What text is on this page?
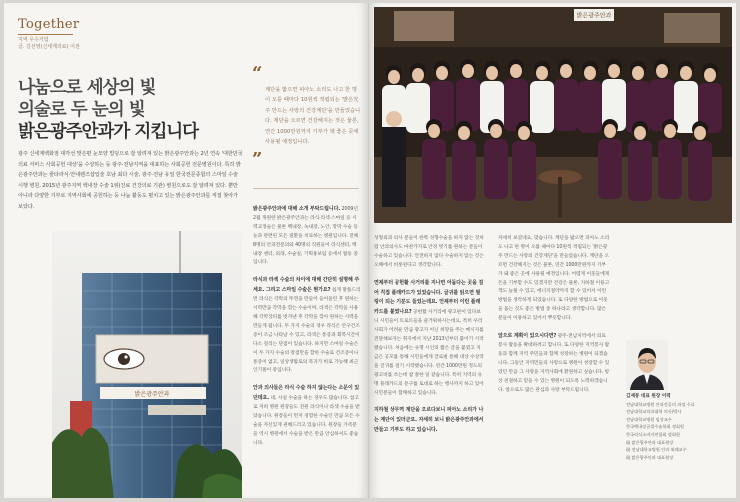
Together
지역 우수기업
글. 김선영(신세계의료) 이전
나눔으로 세상의 빛
의술로 두 눈의 빛
밝은광주안과가 지킵니다
광주 신세계백화점 대각선 맞은편 눈모양 빌딩으로 잘 알려져 있는 밝은광주안과는 2년 연속 '대한민국 의료 서비스 사회공헌 대상'을 수상하는 등 광주·전남지역을 대표하는 사회공헌 전문병원이다. 특히 밝은광주안과는 줄타라식·안내렌즈삽입술 호남 최다 시술, 광주·전남 유일 한국전문종합의 스마일 수술 시행 병원, 2015년 광주지역 백내장 수술 1위(진료 건강의료 기관) 병원으로도 잘 알려져 있다. 뿐만 아니라 다양한 기부로 지역사회에 공헌하는 등 나눔 활동도 펼치고 있는 밝은광주안과를 직접 찾아가 보았다.
“
계단을 밟으면 피아노 소리도 나고 한 명이 오를 때마다 10원씩 적립되는 '밝은光주 만드는 사랑의 건강계단'을 만들었습니다. 계단을 오르면 건강해지는 것은 물론, 연간 1000만원까지 기부가 돼 좋은 곳에 사용될 예정입니다.
”
밝은광주안과

밝은광주안과에 대해 소개 부탁드립니다. 2009년 2월 개원한 밝은광주안과는 라식·라섹·스마일 등 시력교정술은 물론 백내장, 녹내장, 노안, 망막 수술 등 눈과 관련된 모든 질환을 치료하는 병원입니다. 전체 8명의 안과전문의와 40명의 직원들이 라식센터, 백내장 센터, 외래, 수술실, 기획홍보팀 등에서 활동 중입니다.

라식과 라섹 수술의 차이에 대해 간단히 설명해 주세요. 그리고 스마일 수술은 뭔가요? 쉽게 말씀드리면 라식은 각막의 뚜껑을 만들어 들어올린 후 원하는 시력만큼 각막을 깎는 수술이며, 라섹은 각막을 사용해 각막상피를 벗겨낸 후 각막을 깎아 원하는 시력을 만들게 됩니다. 두 가지 수술의 경우 라식은 안구건조증이 조금 나타날 수 있고, 라섹은 통증과 회복시간이 다소 걸리는 단점이 있습니다. 하지만 스마일 수술은 이 두 가지 수술의 장점만을 합한 수술로 건조증이나 통증이 없고, 일상생활로의 복귀가 바로 가능해 최근 인기몰이 중입니다.

안과 의사들은 라식 수술 하지 않는다는 소문이 있던데요. 네, 사실 수술을 하는 경우도 많습니다. 참고로 저희 병원 원장들도 전원 라식이나 라섹 수술을 받았습니다. 원장들이 먼저 경험한 수술인 만큼 모든 수술을 자신있게 권해드리고 있습니다. 원장들 가족분들 역시 병원에서 수술을 받은 만큼 안심하셔도 좋습니다.

밝은광주안과

성형외과 의사 분들이 한쪽 성형수술을 하지 않는 것처럼 안과의사도 마찬가지로 안경 벗기를 원하는 분들이 수술하고 있습니다. 안전하지 않다 수술하지 않는 것은 오해에서 비롯된다고 생각합니다.

연제부터 공헌활 사거리를 지나면 어둡다는 곳을 걸어 직접 플래카드가 있었습니다. 글귀를 읽으면 필링이 되는 기분도 들었는데요. 언제부터 이런 플래카드를 붙였나요? 공헌활 사거리에 광고판이 있다보니 시민들이 트로트들을 즐거워하시는데요, 특히 우리 사회가 어려운 만큼 광고가 아닌 희망을 주는 메시지를 전달해보자는 취지에서 지난 2013년부터 붙이기 시작했습니다. 처음에는 유명 시인의 짧은 글을 붙였고 지금은 공모를 통해 시민들에게 글로벌 통해 대상 수상작을 글귀를 걸기 시작했습니다. 연간 1000만원 정도의 광고비를 쓰는데 참 잘한 일 같습니다. 특히 지역의 유명 플래카드의 문구를 토대로 하는 행사까지 하고 있어 시민분들이 함께하고 있습니다.

지하철 상무역 계단을 오르다보니 피아노 소리가 나는 계단이 있더군요. 자세히 보니 밝은광주안과에서 만들고 기부도 하고 있습니다.

자세히 보셨네요, 맞습니다. 계단을 밟으면 피아노 소리도 나고 한 명이 오를 때마다 10원씩 적립되는 '밝은광주 만드는 사랑의 건강계단'을 만들었습니다. 계단을 오르면 건강해지는 것은 물론, 연간 1000만원까지 기부가 돼 좋은 곳에 사용될 예정입니다. 어렵게 이웃들에게 돈을 기부할 수도 있겠지만 건강은 물론, 지하철 이용고객도 늘릴 수 있고, 에너지절약까지 할 수 있어서 이런 방법을 생각하게 되었습니다. 또 다양한 방법으로 이웃을 돕는 것도 좋은 방법 중 하나라고 생각합니다. 많은 분들이 이용하고 있어서 뿌듯합니다.

앞으로 계획이 있으시다면? 광주·전남지역에서 의료봉사 활동을 확대하려고 합니다. 또 다양한 지역봉사 활동과 함께 지역 주민들과 함께 성장하는 병원이 되겠습니다. 그동안 지역민들의 사랑으로 병원이 성장할 수 있었던 만큼 그 사랑을 지역사회에 환원하고 싶습니다. 항상 친절하고 믿을 수 있는 병원이 되도록 노력하겠습니다. 앞으로도 많은 관심과 사랑 부탁드립니다.

김재봉 대표 원장 이력
전남대학교병원 안과전공의 과정 수료
전남대학교의과대학 의사/박사
전남대학교병원 임상교수
한국백내장굴절수술학회 정회원
한국라식소비자연합회 정회원
現 밝은광주안과 대표원장
現 전남대학교병원 안과 외래교수
現 밝은광주안과 대표원장
